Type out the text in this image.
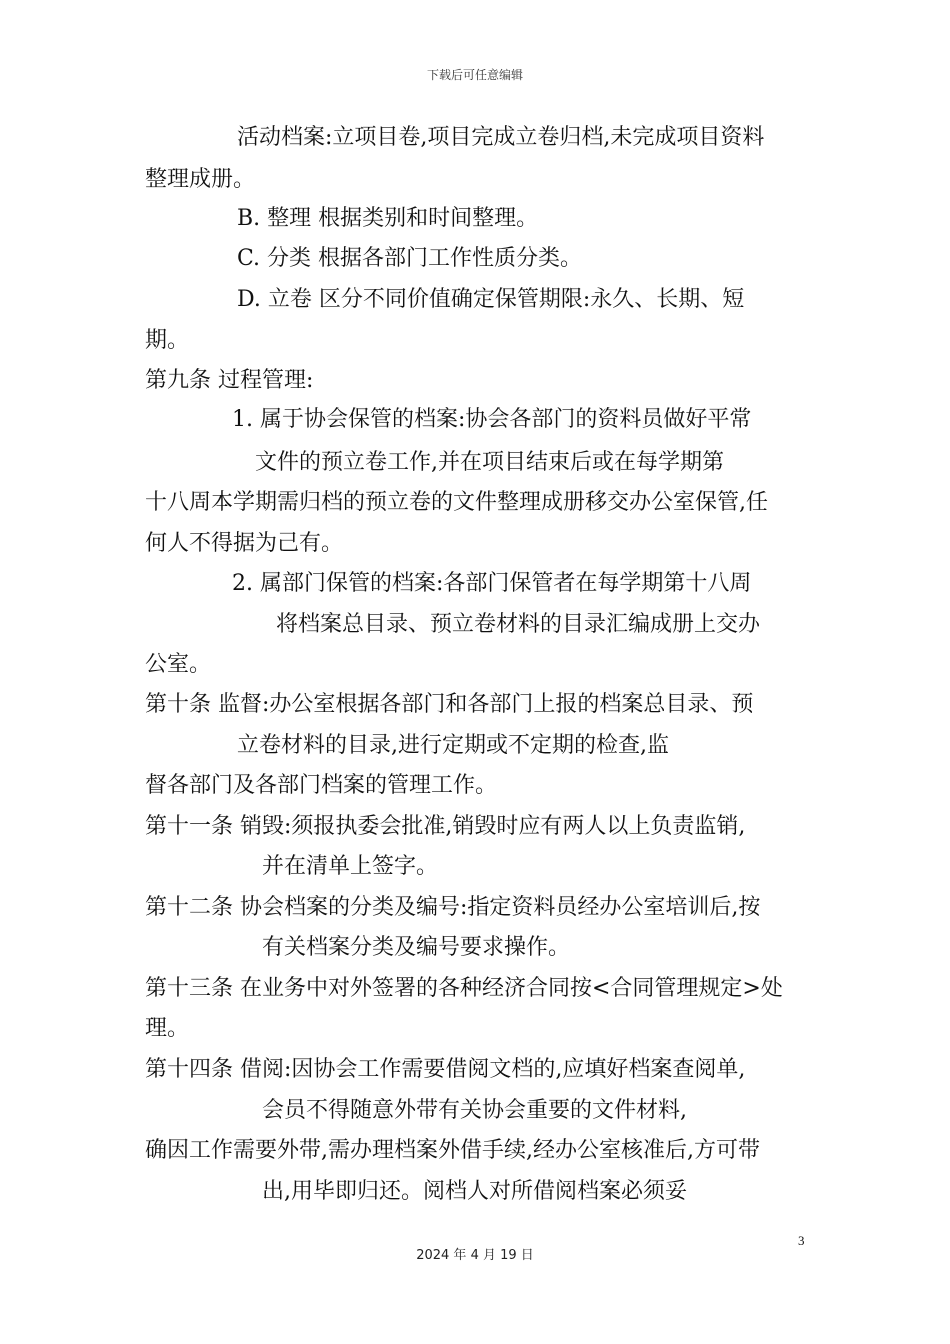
下载后可任意编辑
活动档案:立项目卷,项目完成立卷归档,未完成项目资料
整理成册。
B. 整理 根据类别和时间整理。
C. 分类 根据各部门工作性质分类。
D. 立卷 区分不同价值确定保管期限:永久、长期、短
期。
第九条 过程管理:
1. 属于协会保管的档案:协会各部门的资料员做好平常
文件的预立卷工作,并在项目结束后或在每学期第
十八周本学期需归档的预立卷的文件整理成册移交办公室保管,任
何人不得据为己有。
2. 属部门保管的档案:各部门保管者在每学期第十八周
将档案总目录、预立卷材料的目录汇编成册上交办
公室。
第十条 监督:办公室根据各部门和各部门上报的档案总目录、预
立卷材料的目录,进行定期或不定期的检查,监
督各部门及各部门档案的管理工作。
第十一条 销毁:须报执委会批准,销毁时应有两人以上负责监销,
并在清单上签字。
第十二条 协会档案的分类及编号:指定资料员经办公室培训后,按
有关档案分类及编号要求操作。
第十三条 在业务中对外签署的各种经济合同按<合同管理规定>处
理。
第十四条 借阅:因协会工作需要借阅文档的,应填好档案查阅单,
会员不得随意外带有关协会重要的文件材料,
确因工作需要外带,需办理档案外借手续,经办公室核准后,方可带
出,用毕即归还。阅档人对所借阅档案必须妥
3
2024 年 4 月 19 日
